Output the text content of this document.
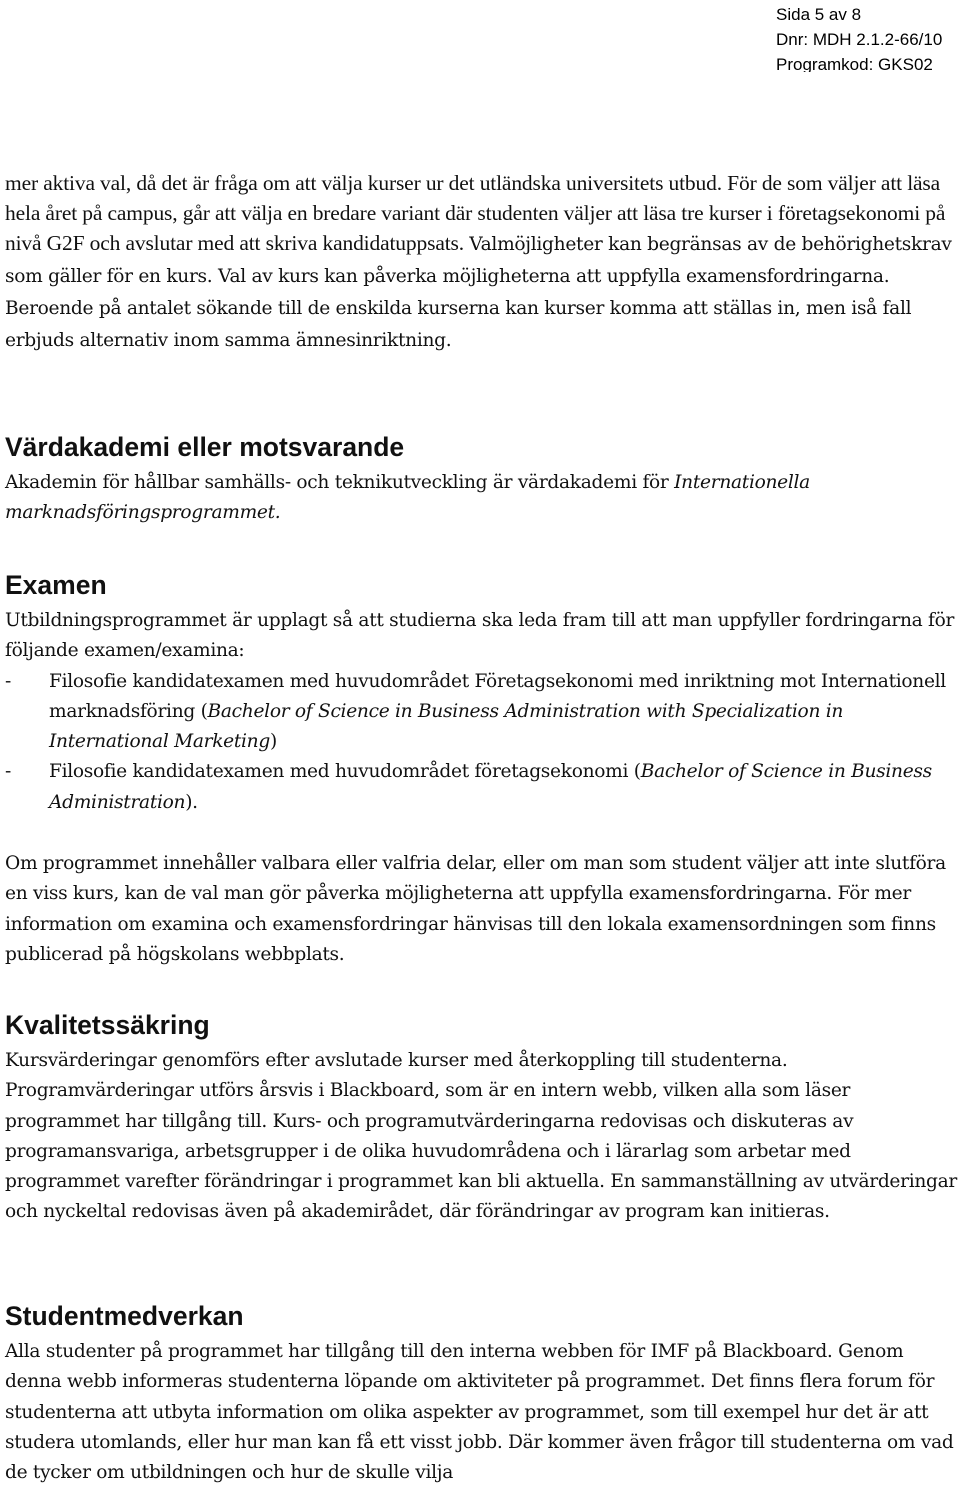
Sida 5 av 8
Dnr: MDH 2.1.2-66/10
Programkod: GKS02

mer aktiva val, då det är fråga om att välja kurser ur det utländska universitets utbud. För de som väljer att läsa hela året på campus, går att välja en bredare variant där studenten väljer att läsa tre kurser i företagsekonomi på nivå G2F och avslutar med att skriva kandidatuppsats. Valmöjligheter kan begränsas av de behörighetskrav som gäller för en kurs. Val av kurs kan påverka möjligheterna att uppfylla examensfordringarna. Beroende på antalet sökande till de enskilda kurserna kan kurser komma att ställas in, men iså fall erbjuds alternativ inom samma ämnesinriktning.

Värdakademi eller motsvarande

Akademin för hållbar samhälls- och teknikutveckling är värdakademi för Internationella marknadsföringsprogrammet.

Examen

Utbildningsprogrammet är upplagt så att studierna ska leda fram till att man uppfyller fordringarna för följande examen/examina:

- Filosofie kandidatexamen med huvudområdet Företagsekonomi med inriktning mot Internationell marknadsföring (Bachelor of Science in Business Administration with Specialization in International Marketing)
- Filosofie kandidatexamen med huvudområdet företagsekonomi (Bachelor of Science in Business Administration).

Om programmet innehåller valbara eller valfria delar, eller om man som student väljer att inte slutföra en viss kurs, kan de val man gör påverka möjligheterna att uppfylla examensfordringarna. För mer information om examina och examensfordringar hänvisas till den lokala examensordningen som finns publicerad på högskolans webbplats.

Kvalitetssäkring

Kursvärderingar genomförs efter avslutade kurser med återkoppling till studenterna. Programvärderingar utförs årsvis i Blackboard, som är en intern webb, vilken alla som läser programmet har tillgång till. Kurs- och programutvärderingarna redovisas och diskuteras av programansvariga, arbetsgrupper i de olika huvudområdena och i lärarlag som arbetar med programmet varefter förändringar i programmet kan bli aktuella. En sammanställning av utvärderingar och nyckeltal redovisas även på akademirådet, där förändringar av program kan initieras.

Studentmedverkan

Alla studenter på programmet har tillgång till den interna webben för IMF på Blackboard. Genom denna webb informeras studenterna löpande om aktiviteter på programmet. Det finns flera forum för studenterna att utbyta information om olika aspekter av programmet, som till exempel hur det är att studera utomlands, eller hur man kan få ett visst jobb. Där kommer även frågor till studenterna om vad de tycker om utbildningen och hur de skulle vilja
